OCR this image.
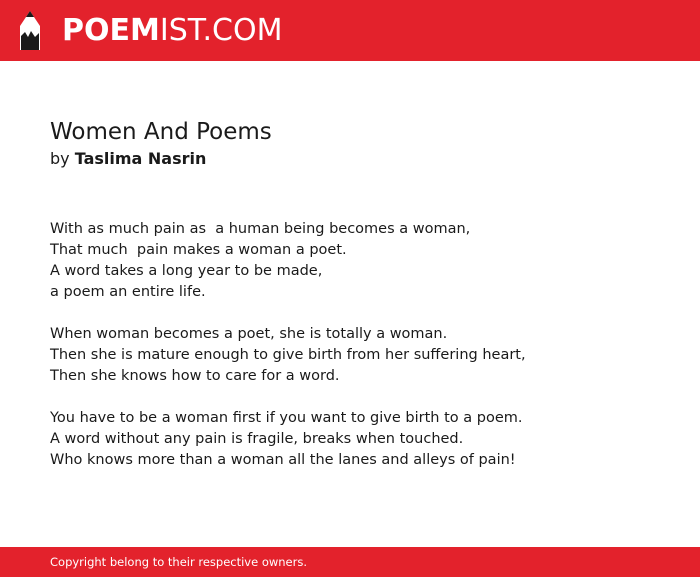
POEMIST.COM
Women And Poems
by Taslima Nasrin
With as much pain as  a human being becomes a woman,
That much  pain makes a woman a poet.
A word takes a long year to be made,
a poem an entire life.
When woman becomes a poet, she is totally a woman.
Then she is mature enough to give birth from her suffering heart,
Then she knows how to care for a word.
You have to be a woman first if you want to give birth to a poem.
A word without any pain is fragile, breaks when touched.
Who knows more than a woman all the lanes and alleys of pain!
Copyright belong to their respective owners.
